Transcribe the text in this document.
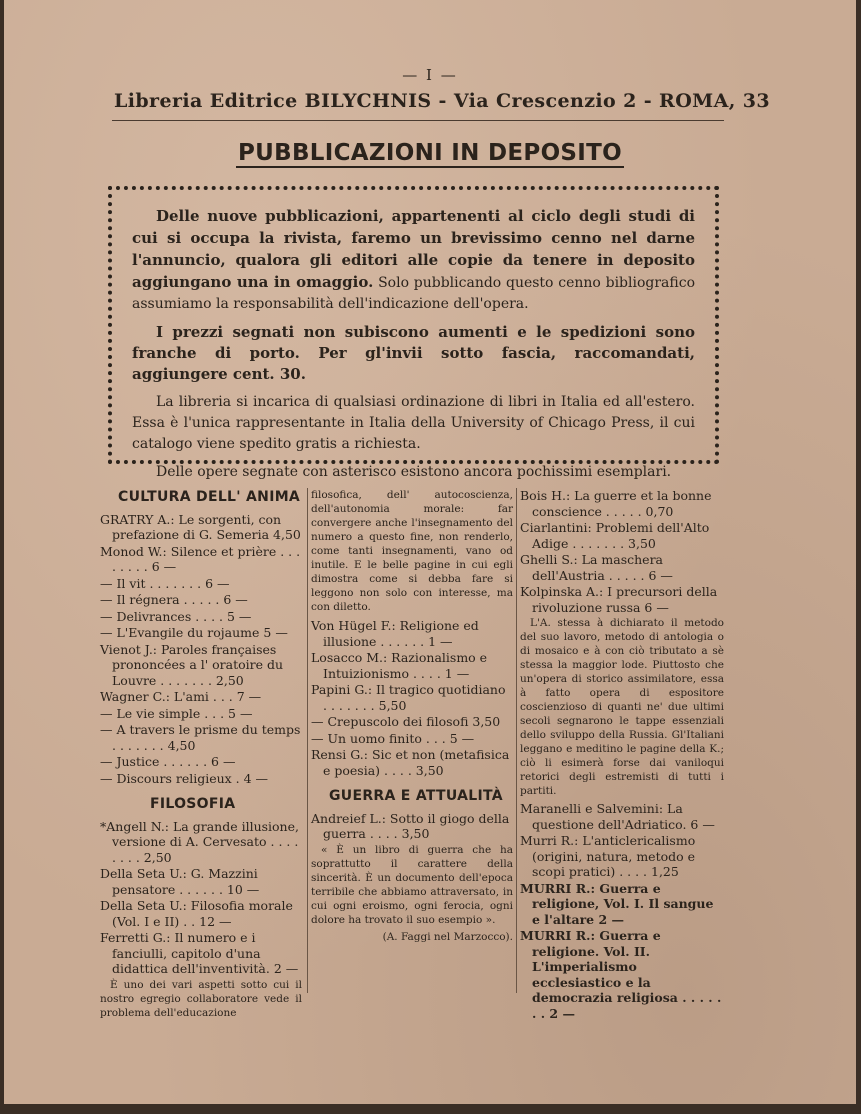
— I —
Libreria Editrice BILYCHNIS - Via Crescenzio 2 - ROMA, 33
PUBBLICAZIONI IN DEPOSITO

Delle nuove pubblicazioni, appartenenti al ciclo degli studi di cui si occupa la rivista, faremo un brevissimo cenno nel darne l'annuncio, qualora gli editori alle copie da tenere in deposito aggiungano una in omaggio. Solo pubblicando questo cenno bibliografico assumiamo la responsabilità dell'indicazione dell'opera.

I prezzi segnati non subiscono aumenti e le spedizioni sono franche di porto. Per gl'invii sotto fascia, raccomandati, aggiungere cent. 30.

La libreria si incarica di qualsiasi ordinazione di libri in Italia ed all'estero. Essa è l'unica rappresentante in Italia della University of Chicago Press, il cui catalogo viene spedito gratis a richiesta.

Delle opere segnate con asterisco esistono ancora pochissimi esemplari.

CULTURA DELL' ANIMA
GRATRY A.: Le sorgenti, con prefazione di G. Semeria 4,50
Monod W.: Silence et prière . . . . . . . . 6 —
— Il vit . . . . . . . 6 —
— Il régnera . . . . . 6 —
— Delivrances . . . . 5 —
— L'Evangile du rojaume 5 —
Vienot J.: Paroles françaises prononcées a l' oratoire du Louvre . . . . . . . 2,50
Wagner C.: L'ami . . . 7 —
— Le vie simple . . . 5 —
— A travers le prisme du temps . . . . . . . 4,50
— Justice . . . . . . 6 —
— Discours religieux . 4 —
FILOSOFIA
*Angell N.: La grande illusione, versione di A. Cervesato . . . . . . . . 2,50
Della Seta U.: G. Mazzini pensatore . . . . . . 10 —
Della Seta U.: Filosofia morale (Vol. I e II) . . 12 —
Ferretti G.: Il numero e i fanciulli, capitolo d'una didattica dell'inventività. 2 —
È uno dei vari aspetti sotto cui il nostro egregio collaboratore vede il problema dell'educazione
filosofica, dell' autocoscienza, dell'autonomia morale: far convergere anche l'insegnamento del numero a questo fine, non renderlo, come tanti insegnamenti, vano od inutile. E le belle pagine in cui egli dimostra come si debba fare si leggono non solo con interesse, ma con diletto.
Von Hügel F.: Religione ed illusione . . . . . . 1 —
Losacco M.: Razionalismo e Intuizionismo . . . . 1 —
Papini G.: Il tragico quotidiano . . . . . . . 5,50
— Crepuscolo dei filosofi 3,50
— Un uomo finito . . . 5 —
Rensi G.: Sic et non (metafisica e poesia) . . . . 3,50
GUERRA E ATTUALITÀ
Andreief L.: Sotto il giogo della guerra . . . . 3,50
« È un libro di guerra che ha soprattutto il carattere della sincerità. È un documento dell'epoca terribile che abbiamo attraversato, in cui ogni eroismo, ogni ferocia, ogni dolore ha trovato il suo esempio ».
(A. Faggi nel Marzocco).
Bois H.: La guerre et la bonne conscience . . . . . 0,70
Ciarlantini: Problemi dell'Alto Adige . . . . . . . 3,50
Ghelli S.: La maschera dell'Austria . . . . . 6 —
Kolpinska A.: I precursori della rivoluzione russa 6 —
L'A. stessa à dichiarato il metodo del suo lavoro, metodo di antologia o di mosaico e à con ciò tributato a sè stessa la maggior lode. Piuttosto che un'opera di storico assimilatore, essa à fatto opera di espositore coscienzioso di quanti ne' due ultimi secoli segnarono le tappe essenziali dello sviluppo della Russia. Gl'Italiani leggano e meditino le pagine della K.; ciò li esimerà forse dai vaniloqui retorici degli estremisti di tutti i partiti.
Maranelli e Salvemini: La questione dell'Adriatico. 6 —
Murri R.: L'anticlericalismo (origini, natura, metodo e scopi pratici) . . . . 1,25
MURRI R.: Guerra e religione, Vol. I. Il sangue e l'altare 2 —
MURRI R.: Guerra e religione. Vol. II. L'imperialismo ecclesiastico e la democrazia religiosa . . . . . . . 2 —
